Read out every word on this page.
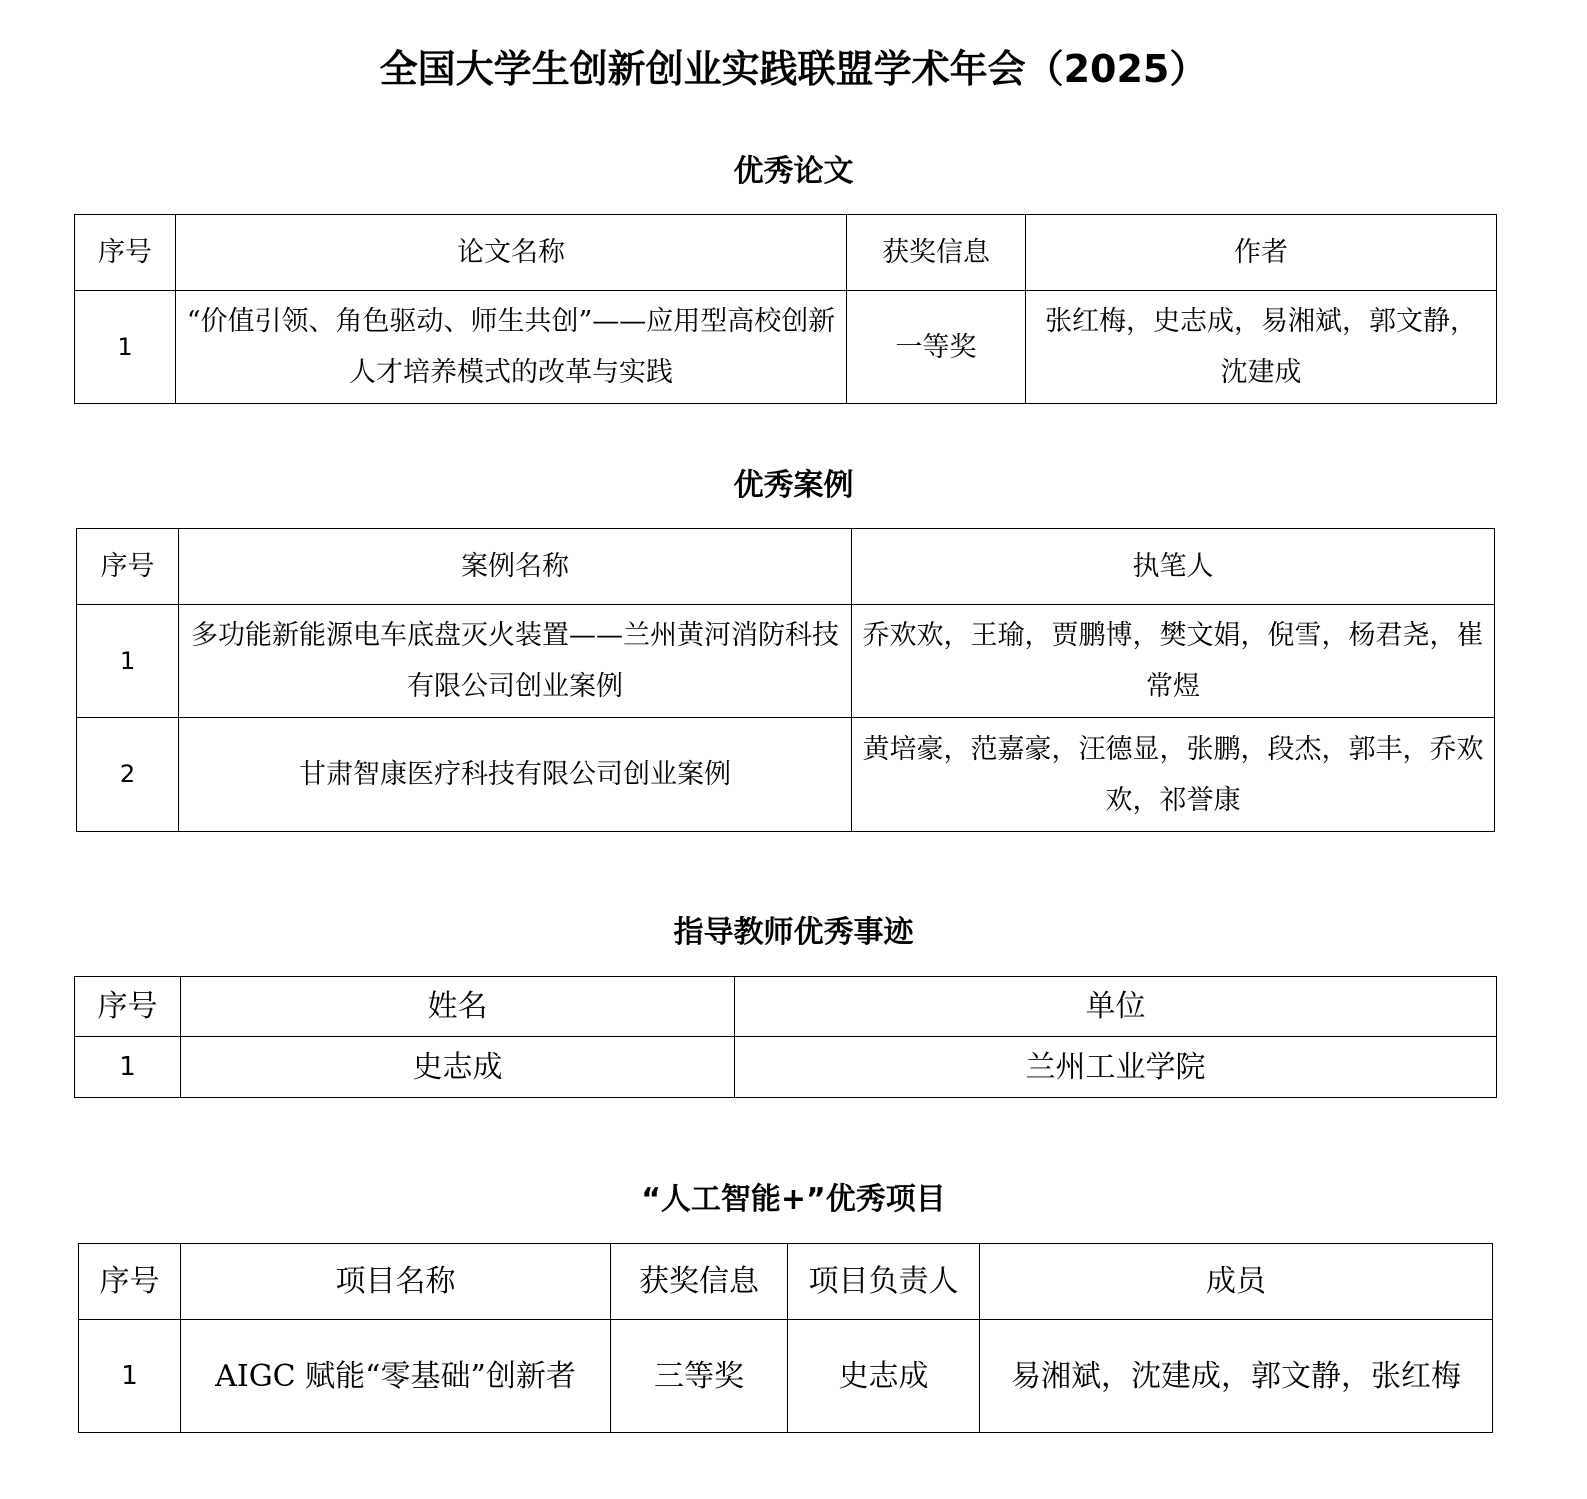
全国大学生创新创业实践联盟学术年会（2025）
优秀论文
序号	论文名称	获奖信息	作者
1	“价值引领、角色驱动、师生共创”——应用型高校创新人才培养模式的改革与实践	一等奖	张红梅，史志成，易湘斌，郭文静，沈建成
优秀案例
序号	案例名称	执笔人
1	多功能新能源电车底盘灭火装置——兰州黄河消防科技有限公司创业案例	乔欢欢，王瑜，贾鹏博，樊文娟，倪雪，杨君尧，崔常煜
2	甘肃智康医疗科技有限公司创业案例	黄培豪，范嘉豪，汪德显，张鹏，段杰，郭丰，乔欢欢，祁誉康
指导教师优秀事迹
序号	姓名	单位
1	史志成	兰州工业学院
“人工智能+”优秀项目
序号	项目名称	获奖信息	项目负责人	成员
1	AIGC 赋能“零基础”创新者	三等奖	史志成	易湘斌，沈建成，郭文静，张红梅
